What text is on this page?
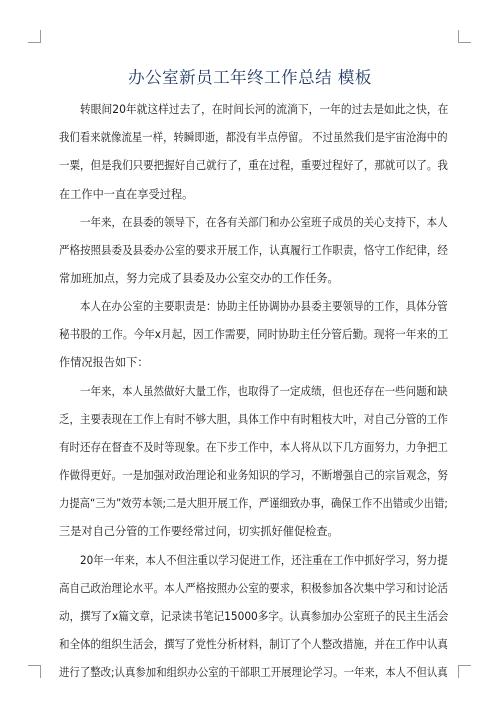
办公室新员工年终工作总结 模板
转眼间20年就这样过去了，在时间长河的流淌下，一年的过去是如此之快，在
我们看来就像流星一样，转瞬即逝，都没有半点停留。 不过虽然我们是宇宙沧海中的
一粟，但是我们只要把握好自己就行了，重在过程，重要过程好了，那就可以了。我
在工作中一直在享受过程。
一年来，在县委的领导下，在各有关部门和办公室班子成员的关心支持下，本人
严格按照县委及县委办公室的要求开展工作，认真履行工作职责，恪守工作纪律，经
常加班加点，努力完成了县委及办公室交办的工作任务。
本人在办公室的主要职责是：协助主任协调协办县委主要领导的工作，具体分管
秘书股的工作。今年x月起，因工作需要，同时协助主任分管后勤。现将一年来的工
作情况报告如下：
一年来，本人虽然做好大量工作，也取得了一定成绩，但也还存在一些问题和缺
乏，主要表现在工作上有时不够大胆，具体工作中有时粗枝大叶，对自己分管的工作
有时还存在督查不及时等现象。在下步工作中，本人将从以下几方面努力，力争把工
作做得更好。一是加强对政治理论和业务知识的学习，不断增强自己的宗旨观念，努
力提高“三为”效劳本领;二是大胆开展工作，严谨细致办事，确保工作不出错或少出错;
三是对自己分管的工作要经常过问，切实抓好催促检查。
20年一年来，本人不但注重以学习促进工作，还注重在工作中抓好学习，努力提
高自己政治理论水平。本人严格按照办公室的要求，积极参加各次集中学习和讨论活
动，撰写了x篇文章，记录读书笔记15000多字。认真参加办公室班子的民主生活会
和全体的组织生活会，撰写了党性分析材料，制订了个人整改措施，并在工作中认真
进行了整改;认真参加和组织办公室的干部职工开展理论学习。一年来，本人不但认真
